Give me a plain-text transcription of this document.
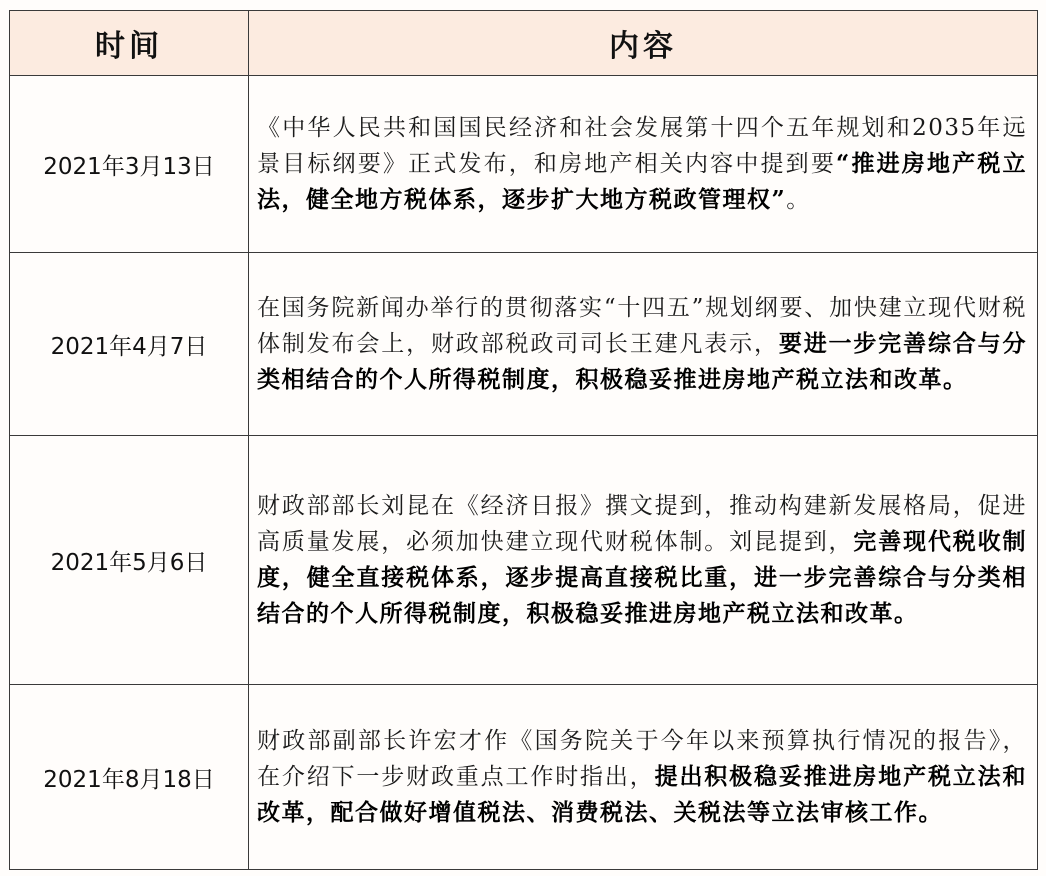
时间	内容
2021年3月13日	《中华人民共和国国民经济和社会发展第十四个五年规划和2035年远景目标纲要》正式发布，和房地产相关内容中提到要“推进房地产税立法，健全地方税体系，逐步扩大地方税政管理权”。
2021年4月7日	在国务院新闻办举行的贯彻落实“十四五”规划纲要、加快建立现代财税体制发布会上，财政部税政司司长王建凡表示，要进一步完善综合与分类相结合的个人所得税制度，积极稳妥推进房地产税立法和改革。
2021年5月6日	财政部部长刘昆在《经济日报》撰文提到，推动构建新发展格局，促进高质量发展，必须加快建立现代财税体制。刘昆提到，完善现代税收制度，健全直接税体系，逐步提高直接税比重，进一步完善综合与分类相结合的个人所得税制度，积极稳妥推进房地产税立法和改革。
2021年8月18日	财政部副部长许宏才作《国务院关于今年以来预算执行情况的报告》，在介绍下一步财政重点工作时指出，提出积极稳妥推进房地产税立法和改革，配合做好增值税法、消费税法、关税法等立法审核工作。
